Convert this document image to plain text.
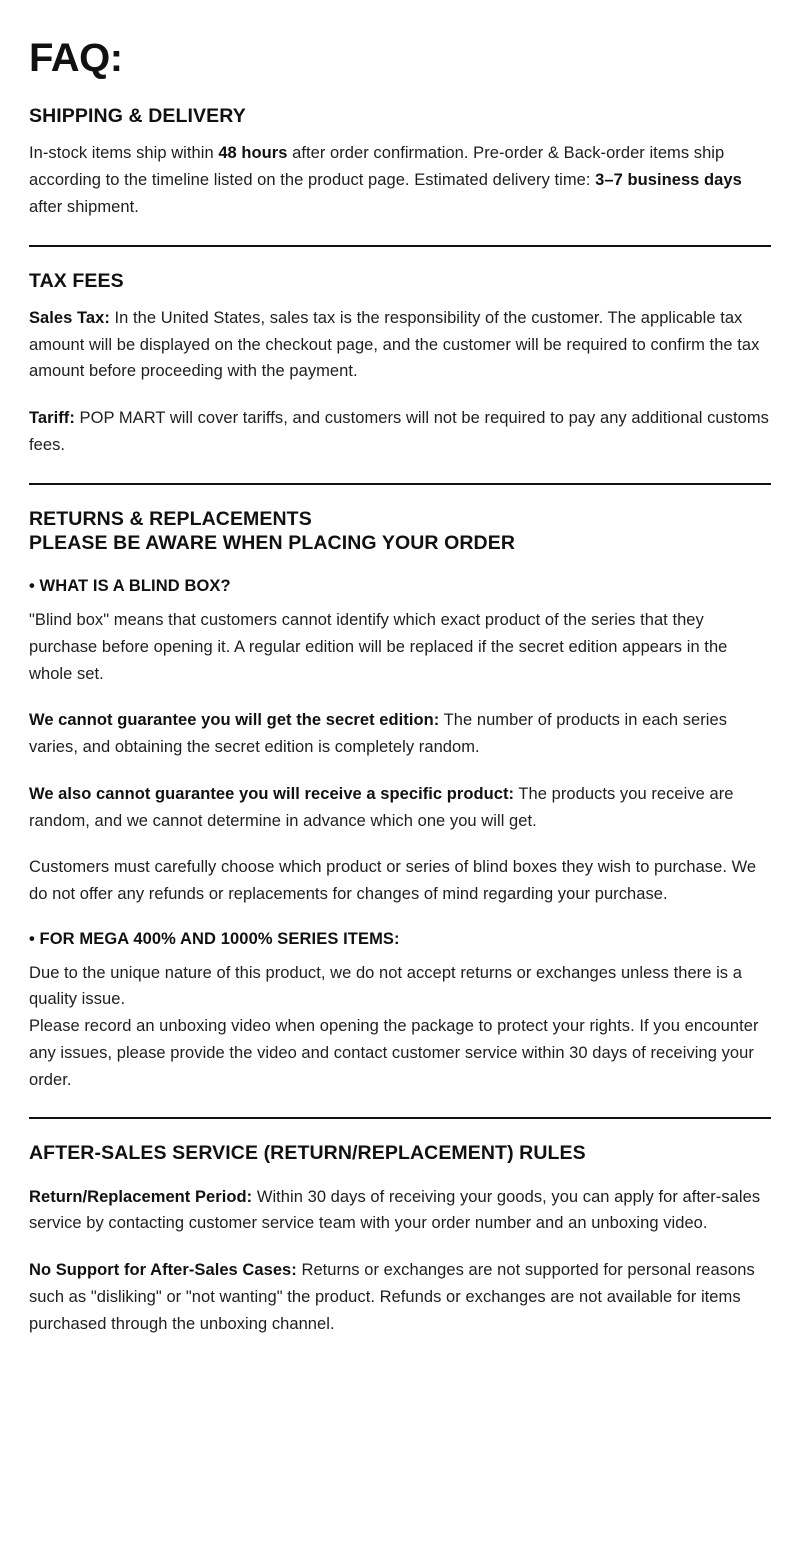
FAQ:
SHIPPING & DELIVERY

In-stock items ship within 48 hours after order confirmation. Pre-order & Back-order items ship according to the timeline listed on the product page. Estimated delivery time: 3–7 business days after shipment.

TAX FEES

Sales Tax: In the United States, sales tax is the responsibility of the customer. The applicable tax amount will be displayed on the checkout page, and the customer will be required to confirm the tax amount before proceeding with the payment.

Tariff: POP MART will cover tariffs, and customers will not be required to pay any additional customs fees.

RETURNS & REPLACEMENTS
PLEASE BE AWARE WHEN PLACING YOUR ORDER
• WHAT IS A BLIND BOX?

"Blind box" means that customers cannot identify which exact product of the series that they purchase before opening it. A regular edition will be replaced if the secret edition appears in the whole set.

We cannot guarantee you will get the secret edition: The number of products in each series varies, and obtaining the secret edition is completely random.

We also cannot guarantee you will receive a specific product: The products you receive are random, and we cannot determine in advance which one you will get.

Customers must carefully choose which product or series of blind boxes they wish to purchase. We do not offer any refunds or replacements for changes of mind regarding your purchase.

• FOR MEGA 400% AND 1000% SERIES ITEMS:

Due to the unique nature of this product, we do not accept returns or exchanges unless there is a quality issue.

Please record an unboxing video when opening the package to protect your rights. If you encounter any issues, please provide the video and contact customer service within 30 days of receiving your order.

AFTER-SALES SERVICE (RETURN/REPLACEMENT) RULES

Return/Replacement Period: Within 30 days of receiving your goods, you can apply for after-sales service by contacting customer service team with your order number and an unboxing video.

No Support for After-Sales Cases: Returns or exchanges are not supported for personal reasons such as "disliking" or "not wanting" the product. Refunds or exchanges are not available for items purchased through the unboxing channel.
